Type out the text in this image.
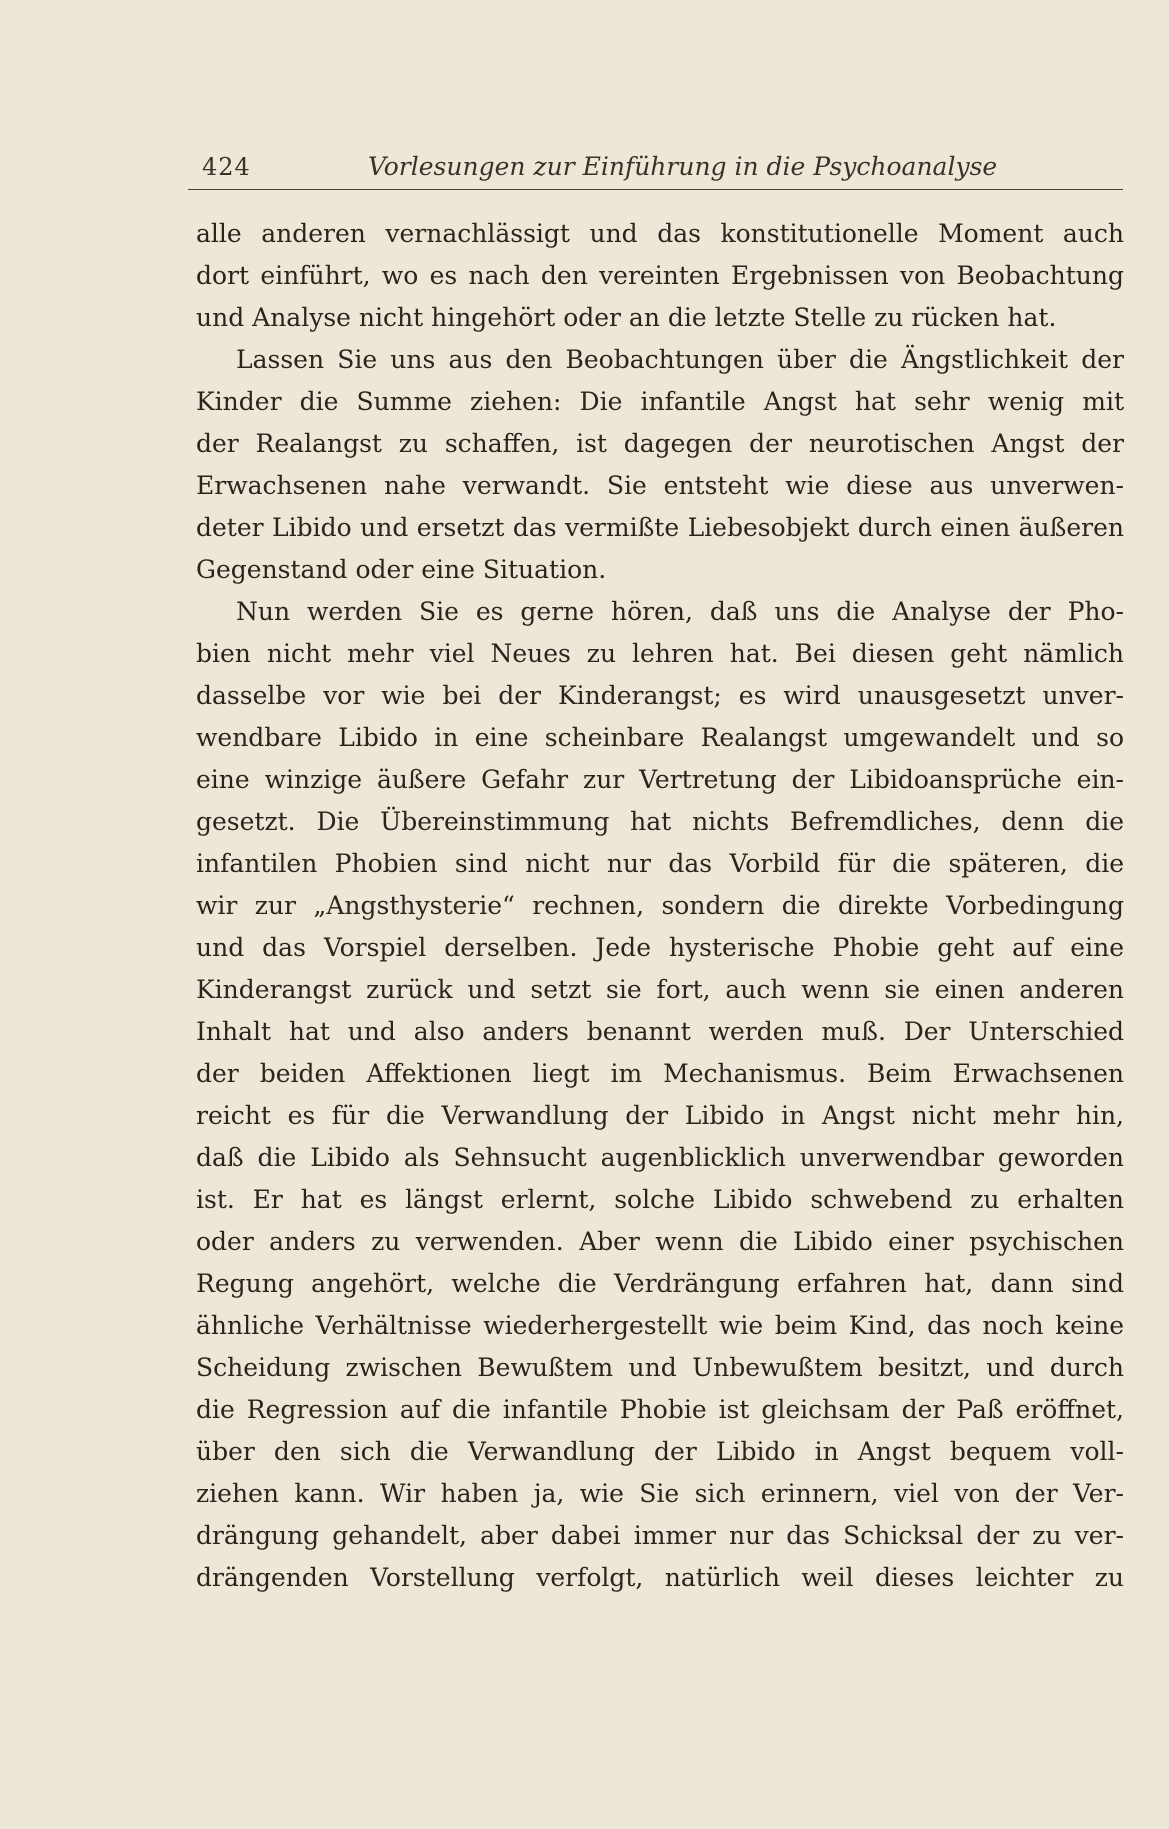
424	Vorlesungen zur Einführung in die Psychoanalyse
alle anderen vernachlässigt und das konstitutionelle Moment auch
dort einführt, wo es nach den vereinten Ergebnissen von Beobachtung
und Analyse nicht hingehört oder an die letzte Stelle zu rücken hat.
Lassen Sie uns aus den Beobachtungen über die Ängstlichkeit der
Kinder die Summe ziehen: Die infantile Angst hat sehr wenig mit
der Realangst zu schaffen, ist dagegen der neurotischen Angst der
Erwachsenen nahe verwandt. Sie entsteht wie diese aus unverwen-
deter Libido und ersetzt das vermißte Liebesobjekt durch einen äußeren
Gegenstand oder eine Situation.
Nun werden Sie es gerne hören, daß uns die Analyse der Pho-
bien nicht mehr viel Neues zu lehren hat. Bei diesen geht nämlich
dasselbe vor wie bei der Kinderangst; es wird unausgesetzt unver-
wendbare Libido in eine scheinbare Realangst umgewandelt und so
eine winzige äußere Gefahr zur Vertretung der Libidoansprüche ein-
gesetzt. Die Übereinstimmung hat nichts Befremdliches, denn die
infantilen Phobien sind nicht nur das Vorbild für die späteren, die
wir zur „Angsthysterie“ rechnen, sondern die direkte Vorbedingung
und das Vorspiel derselben. Jede hysterische Phobie geht auf eine
Kinderangst zurück und setzt sie fort, auch wenn sie einen anderen
Inhalt hat und also anders benannt werden muß. Der Unterschied
der beiden Affektionen liegt im Mechanismus. Beim Erwachsenen
reicht es für die Verwandlung der Libido in Angst nicht mehr hin,
daß die Libido als Sehnsucht augenblicklich unverwendbar geworden
ist. Er hat es längst erlernt, solche Libido schwebend zu erhalten
oder anders zu verwenden. Aber wenn die Libido einer psychischen
Regung angehört, welche die Verdrängung erfahren hat, dann sind
ähnliche Verhältnisse wiederhergestellt wie beim Kind, das noch keine
Scheidung zwischen Bewußtem und Unbewußtem besitzt, und durch
die Regression auf die infantile Phobie ist gleichsam der Paß eröffnet,
über den sich die Verwandlung der Libido in Angst bequem voll-
ziehen kann. Wir haben ja, wie Sie sich erinnern, viel von der Ver-
drängung gehandelt, aber dabei immer nur das Schicksal der zu ver-
drängenden Vorstellung verfolgt, natürlich weil dieses leichter zu
